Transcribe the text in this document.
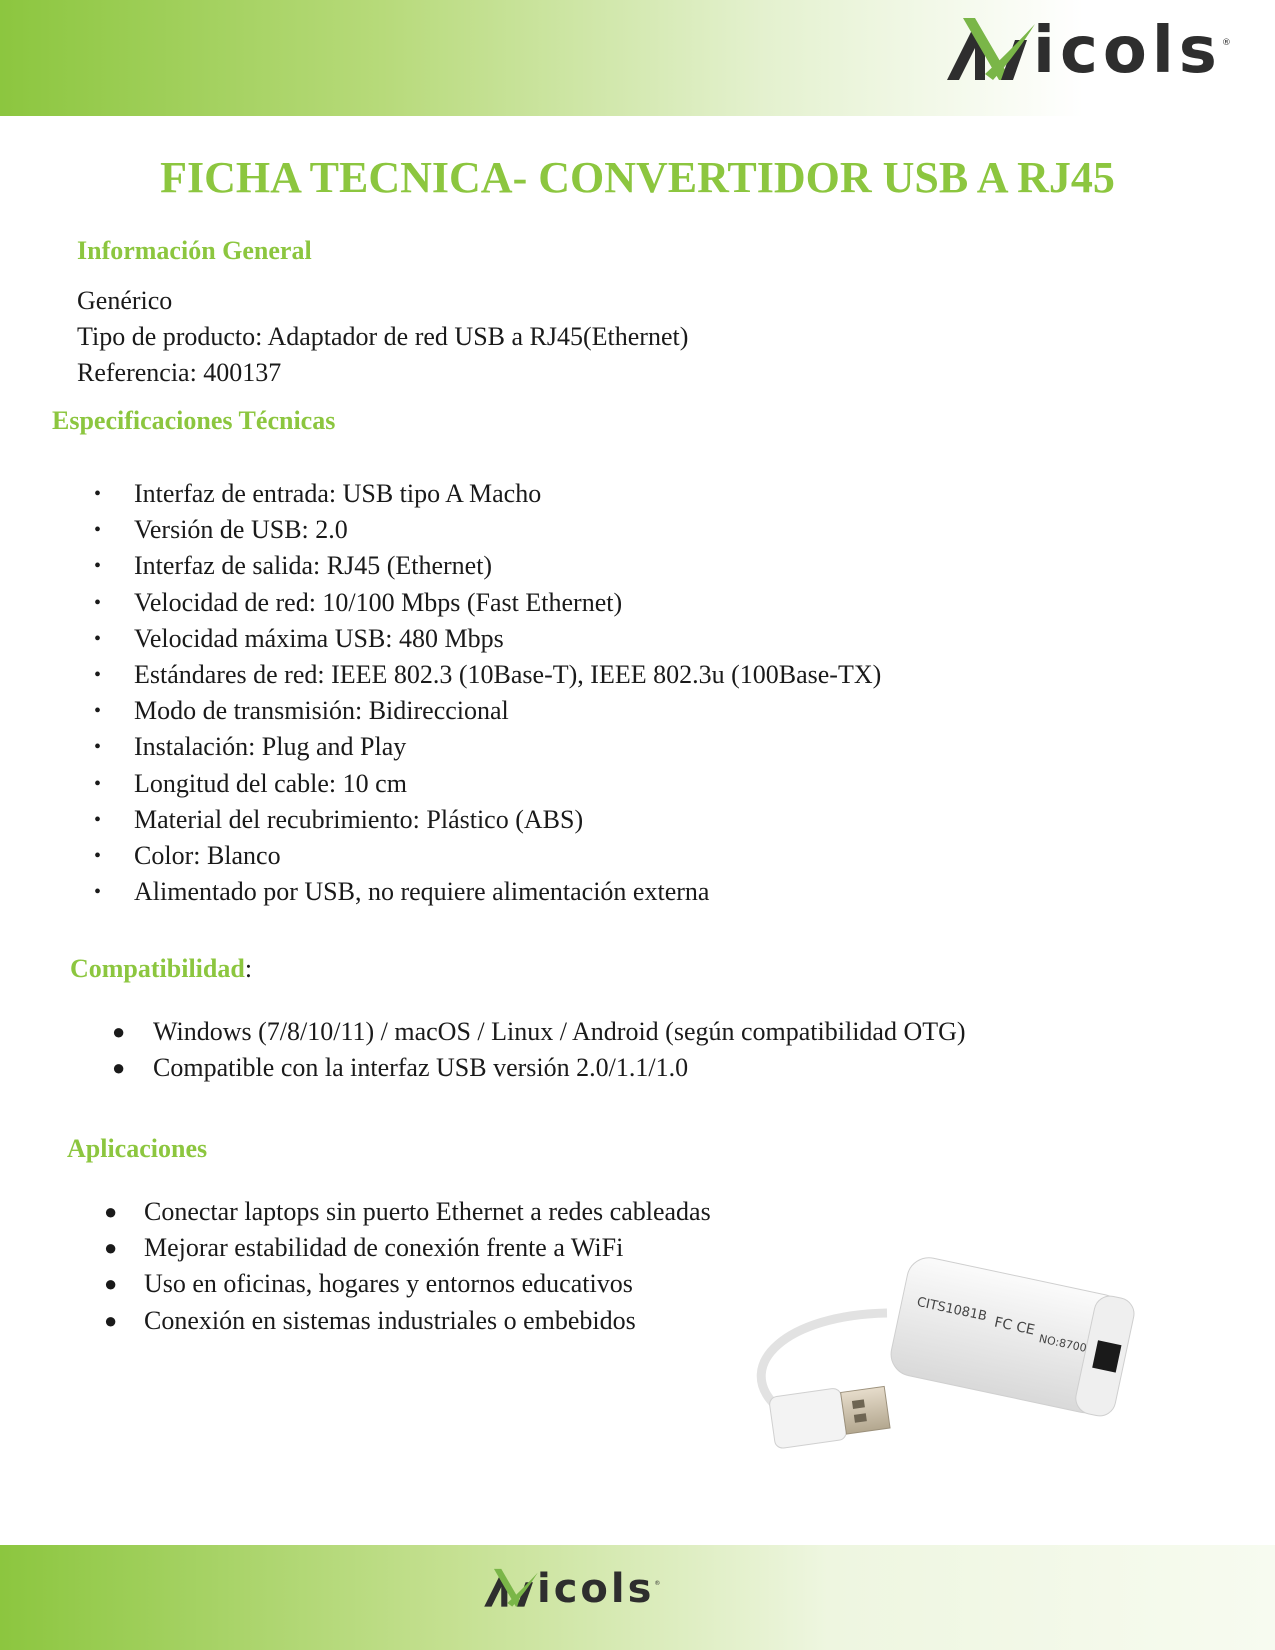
icols ®
FICHA TECNICA- CONVERTIDOR USB A RJ45
Información General
Genérico
Tipo de producto: Adaptador de red USB a RJ45(Ethernet)
Referencia: 400137
Especificaciones Técnicas
• Interfaz de entrada: USB tipo A Macho
• Versión de USB: 2.0
• Interfaz de salida: RJ45 (Ethernet)
• Velocidad de red: 10/100 Mbps (Fast Ethernet)
• Velocidad máxima USB: 480 Mbps
• Estándares de red: IEEE 802.3 (10Base-T), IEEE 802.3u (100Base-TX)
• Modo de transmisión: Bidireccional
• Instalación: Plug and Play
• Longitud del cable: 10 cm
• Material del recubrimiento: Plástico (ABS)
• Color: Blanco
• Alimentado por USB, no requiere alimentación externa
Compatibilidad:
● Windows (7/8/10/11) / macOS / Linux / Android (según compatibilidad OTG)
● Compatible con la interfaz USB versión 2.0/1.1/1.0
Aplicaciones
● Conectar laptops sin puerto Ethernet a redes cableadas
● Mejorar estabilidad de conexión frente a WiFi
● Uso en oficinas, hogares y entornos educativos
● Conexión en sistemas industriales o embebidos	CITS1081B
FC CE
NO:8700
icols ®
